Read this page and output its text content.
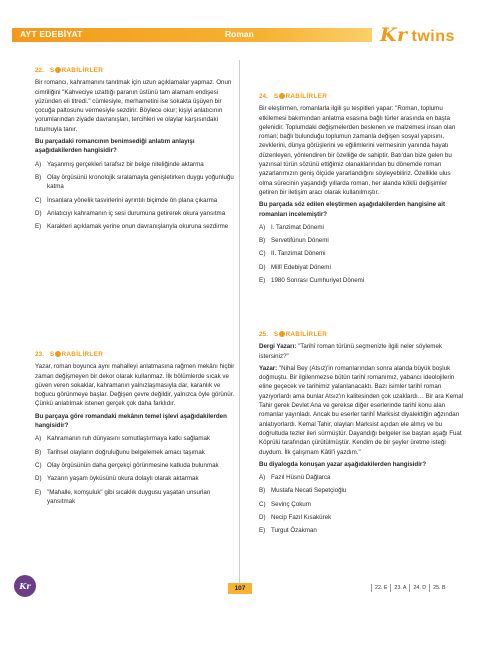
AYT EDEBİYAT	Roman	Kr twins
22. S RABİLİRLER

Bir romancı, kahramanını tanıtmak için uzun açıklamalar yapmaz. Onun cimriliğini "Kahveciye uzattığı paranın üstünü tam alamam endişesi yüzünden eli titredi." cümlesiyle, merhametini ise sokakta üşüyen bir çocuğa paltosunu vermesiyle sezdirir. Böylece okur; kişiyi anlatıcının yorumlarından ziyade davranışları, tercihleri ve olaylar karşısındaki tutumuyla tanır.

Bu parçadaki romancının benimsediği anlatım anlayışı aşağıdakilerden hangisidir?

A) Yaşanmış gerçekleri tarafsız bir belge niteliğinde aktarma
B) Olay örgüsünü kronolojik sıralamayla genişletirken duygu yoğunluğu katma
C) İnsanlara yönelik tasvirlerini ayrıntılı biçimde ön plana çıkarma
D) Anlatıcıyı kahramanın iç sesi durumuna getirerek okura yansıtma
E) Karakteri açıklamak yerine onun davranışlarıyla okuruna sezdirme
23. S RABİLİRLER

Yazar, roman boyunca aynı mahalleyi anlatmasına rağmen mekânı hiçbir zaman değişmeyen bir dekor olarak kullanmaz. İlk bölümlerde sıcak ve güven veren sokaklar, kahramanın yalnızlaşmasıyla dar, karanlık ve boğucu görünmeye başlar. Değişen çevre değildir, yalnızca öyle görünür. Çünkü anlatılmak istenen gerçek çok daha farklıdır.

Bu parçaya göre romandaki mekânın temel işlevi aşağıdakilerden hangisidir?

A) Kahramanın ruh dünyasını somutlaştırmaya katkı sağlamak
B) Tarihsel olayların doğruluğunu belgelemek amacı taşımak
C) Olay örgüsünün daha gerçekçi görünmesine katkıda bulunmak
D) Yazarın yaşam öyküsünü okura dolaylı olarak aktarmak
E) "Mahalle, komşuluk" gibi sıcaklık duygusu yaşatan unsurları yansıtmak
24. S RABİLİRLER

Bir eleştirmen, romanlarla ilgili şu tespitleri yapar: "Roman, toplumu etkilemesi bakımından anlatma esasına bağlı türler arasında en başta gelenidir. Toplumdaki değişmelerden beslenen ve malzemesi insan olan roman; bağlı bulunduğu toplumun zamanla değişen sosyal yapısını, zevklerini, dünya görüşlerini ve eğilimlerini vermesinin yanında hayatı düzenleyen, yönlendiren bir özelliğe de sahiptir. Batı'dan bize gelen bu yazınsal türün sözünü ettiğimiz olanaklarından bu dönemde roman yazarlarımızın geniş ölçüde yararlandığını söyleyebiliriz. Özellikle ulus olma sürecinin yaşandığı yıllarda roman, her alanda köklü değişimler getiren bir iletişim aracı olarak kullanılmıştır.

Bu parçada söz edilen eleştirmen aşağıdakilerden hangisine ait romanları incelemiştir?

A) I. Tanzimat Dönemi
B) Servetifünun Dönemi
C) II. Tanzimat Dönemi
D) Millî Edebiyat Dönemi
E) 1980 Sonrası Cumhuriyet Dönemi
25. S RABİLİRLER

Dergi Yazarı: "Tarihî roman türünü seçmenizle ilgili neler söylemek istersiniz?"

Yazar: "Nihal Bey (Atsız)'in romanlarından sonra alanda büyük boşluk doğmuştu. Bir ilgilenmezse bütün tarihî romanımız, yabancı ideolojilerin eline geçecek ve tarihimiz yalanlanacaktı. Bazı isimler tarihî roman yazıyorlardı ama bunlar Atsız'ın kalitesinden çok uzaklardı… Bir ara Kemal Tahir gerek Devlet Ana ve gerekse diğer eserlerinde tarihî konu alan romanlar yayınladı. Ancak bu eserler tarihî Marksist diyalektiğin ağzından anlatıyorlardı. Kemal Tahir, olayları Marksist açıdan ele almış ve bu doğrultuda tezler ileri sürmüştür. Dayandığı belgeler ise baştan aşağı Fuat Köprülü tarafından çürütülmüştür. Kendim de bir şeyler üretme isteği duydum. İlk çalışmam Kâtil'i yazdım."

Bu diyalogda konuşan yazar aşağıdakilerden hangisidir?

A) Fazıl Hüsnü Dağlarca
B) Mustafa Necati Sepetçioğlu
C) Sevinç Çokum
D) Necip Fazıl Kısakürek
E) Turgut Özakman
Kr	107	22. E	23. A	24. D	25. B
